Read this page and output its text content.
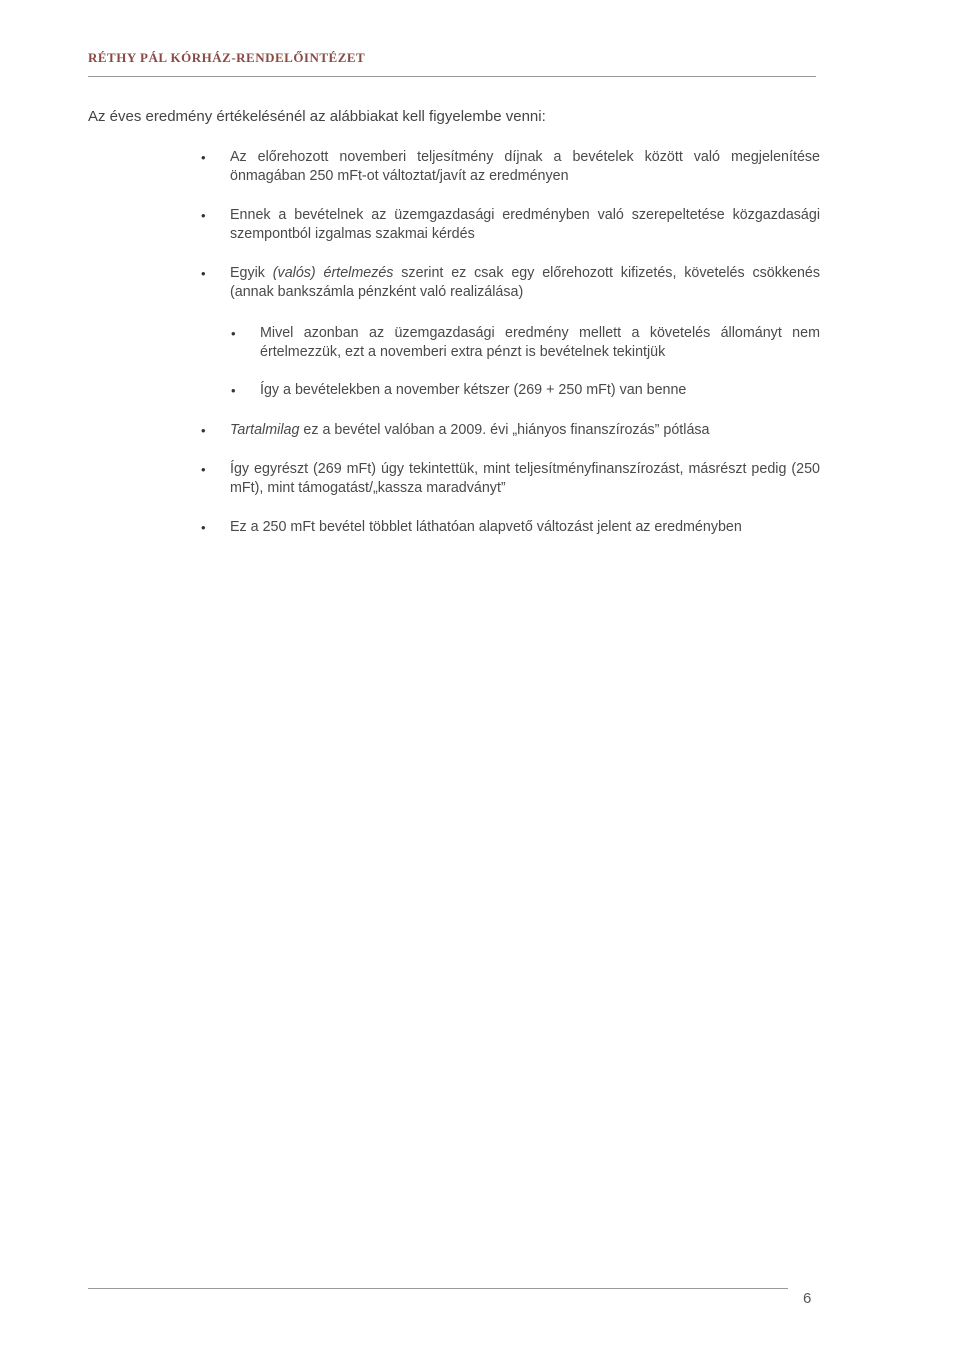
RÉTHY PÁL KÓRHÁZ-RENDELŐINTÉZET
Az éves eredmény értékelésénél az alábbiakat kell figyelembe venni:
• Az előrehozott novemberi teljesítmény díjnak a bevételek között való megjelenítése önmagában 250 mFt-ot változtat/javít az eredményen
• Ennek a bevételnek az üzemgazdasági eredményben való szerepeltetése közgazdasági szempontból izgalmas szakmai kérdés
• Egyik (valós) értelmezés szerint ez csak egy előrehozott kifizetés, követelés csökkenés (annak bankszámla pénzként való realizálása)
• Mivel azonban az üzemgazdasági eredmény mellett a követelés állományt nem értelmezzük, ezt a novemberi extra pénzt is bevételnek tekintjük
• Így a bevételekben a november kétszer (269 + 250 mFt) van benne
• Tartalmilag ez a bevétel valóban a 2009. évi „hiányos finanszírozás” pótlása
• Így egyrészt (269 mFt) úgy tekintettük, mint teljesítményfinanszírozást, másrészt pedig (250 mFt), mint támogatást/„kassza maradványt”
• Ez a 250 mFt bevétel többlet láthatóan alapvető változást jelent az eredményben
6
